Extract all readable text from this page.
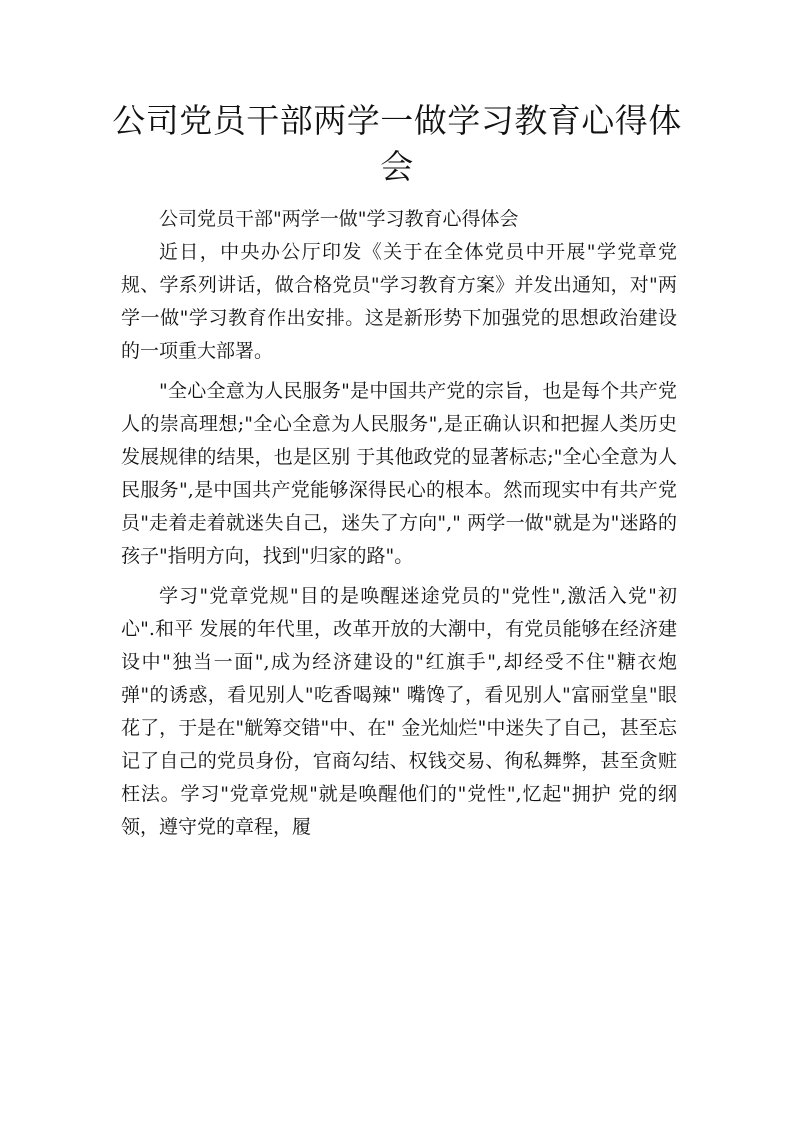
公司党员干部两学一做学习教育心得体会

公司党员干部"两学一做"学习教育心得体会

近日，中央办公厅印发《关于在全体党员中开展"学党章党规、学系列讲话，做合格党员"学习教育方案》并发出通知，对"两学一做"学习教育作出安排。这是新形势下加强党的思想政治建设的一项重大部署。

"全心全意为人民服务"是中国共产党的宗旨，也是每个共产党人的崇高理想;"全心全意为人民服务",是正确认识和把握人类历史发展规律的结果，也是区别 于其他政党的显著标志;"全心全意为人民服务",是中国共产党能够深得民心的根本。然而现实中有共产党员"走着走着就迷失自己，迷失了方向"," 两学一做"就是为"迷路的孩子"指明方向，找到"归家的路"。

学习"党章党规"目的是唤醒迷途党员的"党性",激活入党"初心".和平 发展的年代里，改革开放的大潮中，有党员能够在经济建设中"独当一面",成为经济建设的"红旗手",却经受不住"糖衣炮弹"的诱惑，看见别人"吃香喝辣" 嘴馋了，看见别人"富丽堂皇"眼花了，于是在"觥筹交错"中、在" 金光灿烂"中迷失了自己，甚至忘记了自己的党员身份，官商勾结、权钱交易、徇私舞弊，甚至贪赃枉法。学习"党章党规"就是唤醒他们的"党性",忆起"拥护 党的纲领，遵守党的章程，履
